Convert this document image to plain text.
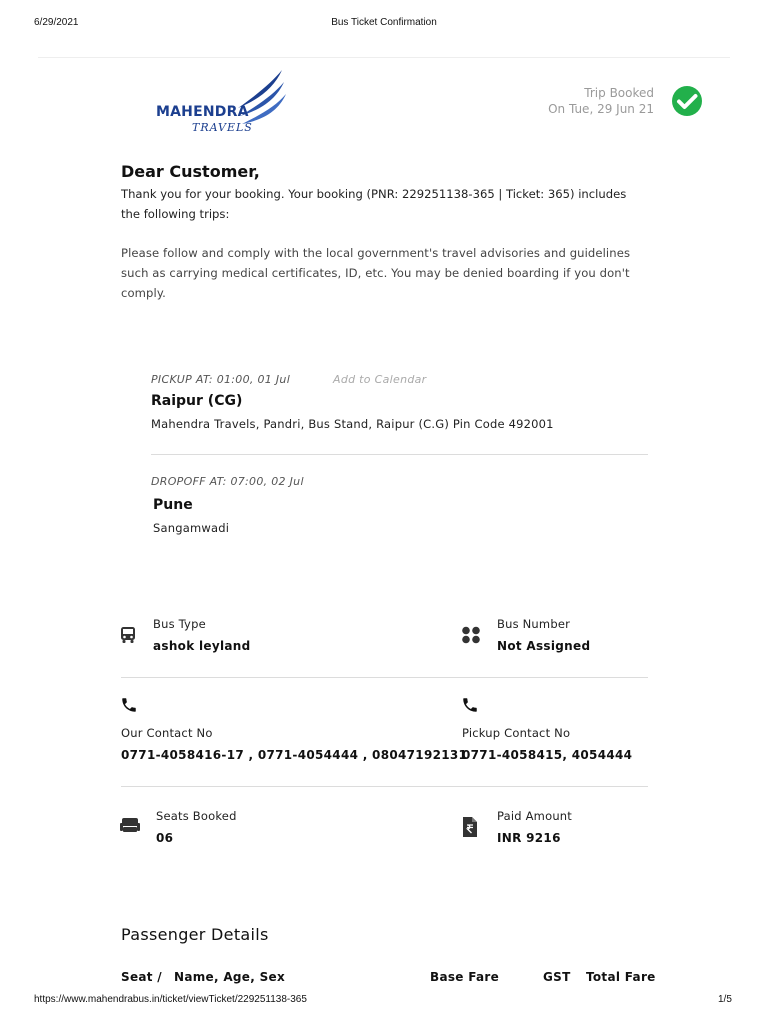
6/29/2021	Bus Ticket Confirmation
MAHENDRA
TRAVELS
Trip Booked
On Tue, 29 Jun 21
Dear Customer,
Thank you for your booking. Your booking (PNR: 229251138-365 | Ticket: 365) includes
the following trips:
Please follow and comply with the local government's travel advisories and guidelines
such as carrying medical certificates, ID, etc. You may be denied boarding if you don't
comply.
PICKUP AT: 01:00, 01 Jul	Add to Calendar
Raipur (CG)
Mahendra Travels, Pandri, Bus Stand, Raipur (C.G) Pin Code 492001
DROPOFF AT: 07:00, 02 Jul
Pune
Sangamwadi
Bus Type
ashok leyland
Bus Number
Not Assigned
Our Contact No
0771-4058416-17 , 0771-4054444 , 08047192131
Pickup Contact No
0771-4058415, 4054444
Seats Booked
06
Paid Amount
INR 9216
Passenger Details
Seat / Name, Age, Sex	Base Fare	GST Total Fare
https://www.mahendrabus.in/ticket/viewTicket/229251138-365	1/5
